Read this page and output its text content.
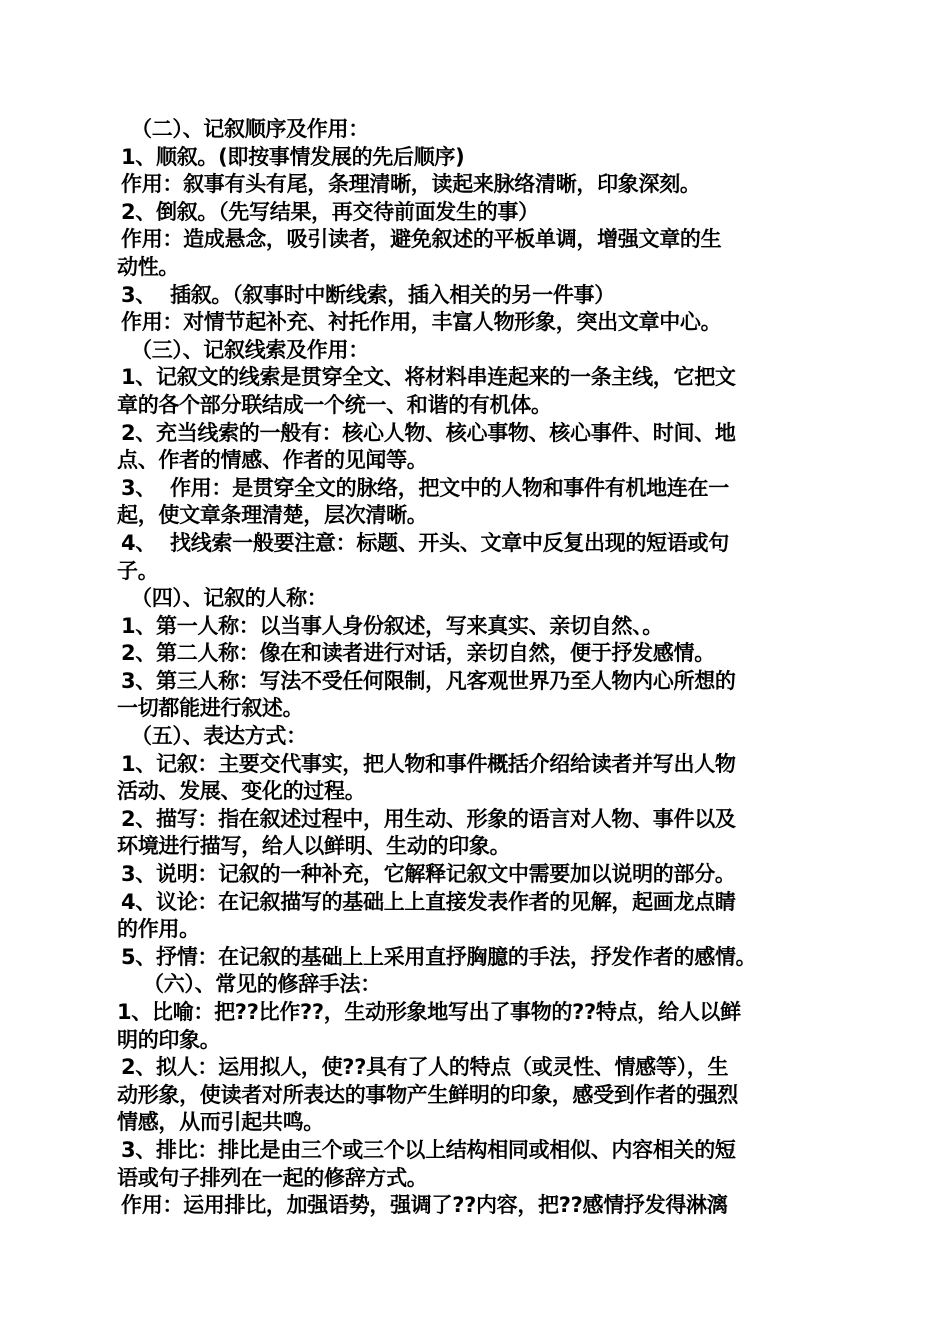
（二）、记叙顺序及作用：
1、顺叙。(即按事情发展的先后顺序)
作用：叙事有头有尾，条理清晰，读起来脉络清晰，印象深刻。
2、倒叙。（先写结果，再交待前面发生的事）
作用：造成悬念，吸引读者，避免叙述的平板单调，增强文章的生
动性。
3、  插叙。（叙事时中断线索，插入相关的另一件事）
作用：对情节起补充、衬托作用，丰富人物形象，突出文章中心。
（三）、记叙线索及作用：
1、记叙文的线索是贯穿全文、将材料串连起来的一条主线，它把文
章的各个部分联结成一个统一、和谐的有机体。
2、充当线索的一般有：核心人物、核心事物、核心事件、时间、地
点、作者的情感、作者的见闻等。
3、  作用：是贯穿全文的脉络，把文中的人物和事件有机地连在一
起，使文章条理清楚，层次清晰。
4、  找线索一般要注意：标题、开头、文章中反复出现的短语或句
子。
（四）、记叙的人称：
1、第一人称：以当事人身份叙述，写来真实、亲切自然、。
2、第二人称：像在和读者进行对话，亲切自然，便于抒发感情。
3、第三人称：写法不受任何限制，凡客观世界乃至人物内心所想的
一切都能进行叙述。
（五）、表达方式：
1、记叙：主要交代事实，把人物和事件概括介绍给读者并写出人物
活动、发展、变化的过程。
2、描写：指在叙述过程中，用生动、形象的语言对人物、事件以及
环境进行描写，给人以鲜明、生动的印象。
3、说明：记叙的一种补充，它解释记叙文中需要加以说明的部分。
4、议论：在记叙描写的基础上上直接发表作者的见解，起画龙点睛
的作用。
5、抒情：在记叙的基础上上采用直抒胸臆的手法，抒发作者的感情。
（六）、常见的修辞手法：
1、比喻：把??比作??，生动形象地写出了事物的??特点，给人以鲜
明的印象。
2、拟人：运用拟人，使??具有了人的特点（或灵性、情感等），生
动形象，使读者对所表达的事物产生鲜明的印象，感受到作者的强烈
情感，从而引起共鸣。
3、排比：排比是由三个或三个以上结构相同或相似、内容相关的短
语或句子排列在一起的修辞方式。
作用：运用排比，加强语势，强调了??内容，把??感情抒发得淋漓
